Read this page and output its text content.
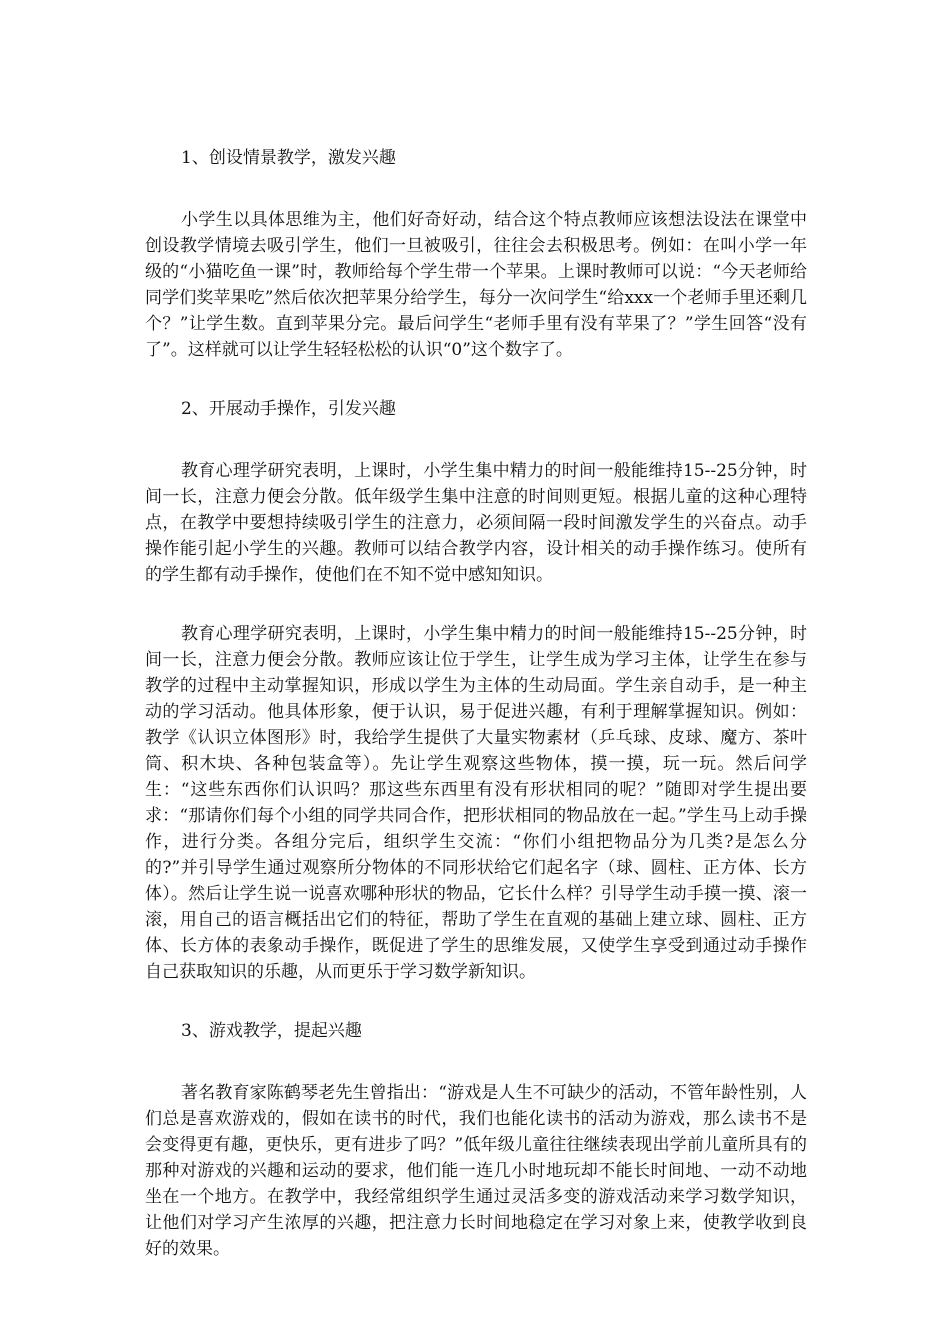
1、创设情景教学，激发兴趣

小学生以具体思维为主，他们好奇好动，结合这个特点教师应该想法设法在课堂中创设教学情境去吸引学生，他们一旦被吸引，往往会去积极思考。例如：在叫小学一年级的“小猫吃鱼一课”时，教师给每个学生带一个苹果。上课时教师可以说：“今天老师给同学们奖苹果吃”然后依次把苹果分给学生，每分一次问学生“给xxx一个老师手里还剩几个？”让学生数。直到苹果分完。最后问学生“老师手里有没有苹果了？”学生回答“没有了”。这样就可以让学生轻轻松松的认识“0”这个数字了。

2、开展动手操作，引发兴趣

教育心理学研究表明，上课时，小学生集中精力的时间一般能维持15--25分钟，时间一长，注意力便会分散。低年级学生集中注意的时间则更短。根据儿童的这种心理特点，在教学中要想持续吸引学生的注意力，必须间隔一段时间激发学生的兴奋点。动手操作能引起小学生的兴趣。教师可以结合教学内容，设计相关的动手操作练习。使所有的学生都有动手操作，使他们在不知不觉中感知知识。

教育心理学研究表明，上课时，小学生集中精力的时间一般能维持15--25分钟，时间一长，注意力便会分散。教师应该让位于学生，让学生成为学习主体，让学生在参与教学的过程中主动掌握知识，形成以学生为主体的生动局面。学生亲自动手，是一种主动的学习活动。他具体形象，便于认识，易于促进兴趣，有利于理解掌握知识。例如：教学《认识立体图形》时，我给学生提供了大量实物素材（乒乓球、皮球、魔方、茶叶筒、积木块、各种包装盒等）。先让学生观察这些物体，摸一摸，玩一玩。然后问学生：“这些东西你们认识吗？那这些东西里有没有形状相同的呢？”随即对学生提出要求：“那请你们每个小组的同学共同合作，把形状相同的物品放在一起。”学生马上动手操作，进行分类。各组分完后，组织学生交流：“你们小组把物品分为几类?是怎么分的?”并引导学生通过观察所分物体的不同形状给它们起名字（球、圆柱、正方体、长方体）。然后让学生说一说喜欢哪种形状的物品，它长什么样？引导学生动手摸一摸、滚一滚，用自己的语言概括出它们的特征，帮助了学生在直观的基础上建立球、圆柱、正方体、长方体的表象动手操作，既促进了学生的思维发展，又使学生享受到通过动手操作自己获取知识的乐趣，从而更乐于学习数学新知识。

3、游戏教学，提起兴趣

著名教育家陈鹤琴老先生曾指出：“游戏是人生不可缺少的活动，不管年龄性别，人们总是喜欢游戏的，假如在读书的时代，我们也能化读书的活动为游戏，那么读书不是会变得更有趣，更快乐，更有进步了吗？”低年级儿童往往继续表现出学前儿童所具有的那种对游戏的兴趣和运动的要求，他们能一连几小时地玩却不能长时间地、一动不动地坐在一个地方。在教学中，我经常组织学生通过灵活多变的游戏活动来学习数学知识，让他们对学习产生浓厚的兴趣，把注意力长时间地稳定在学习对象上来，使教学收到良好的效果。
